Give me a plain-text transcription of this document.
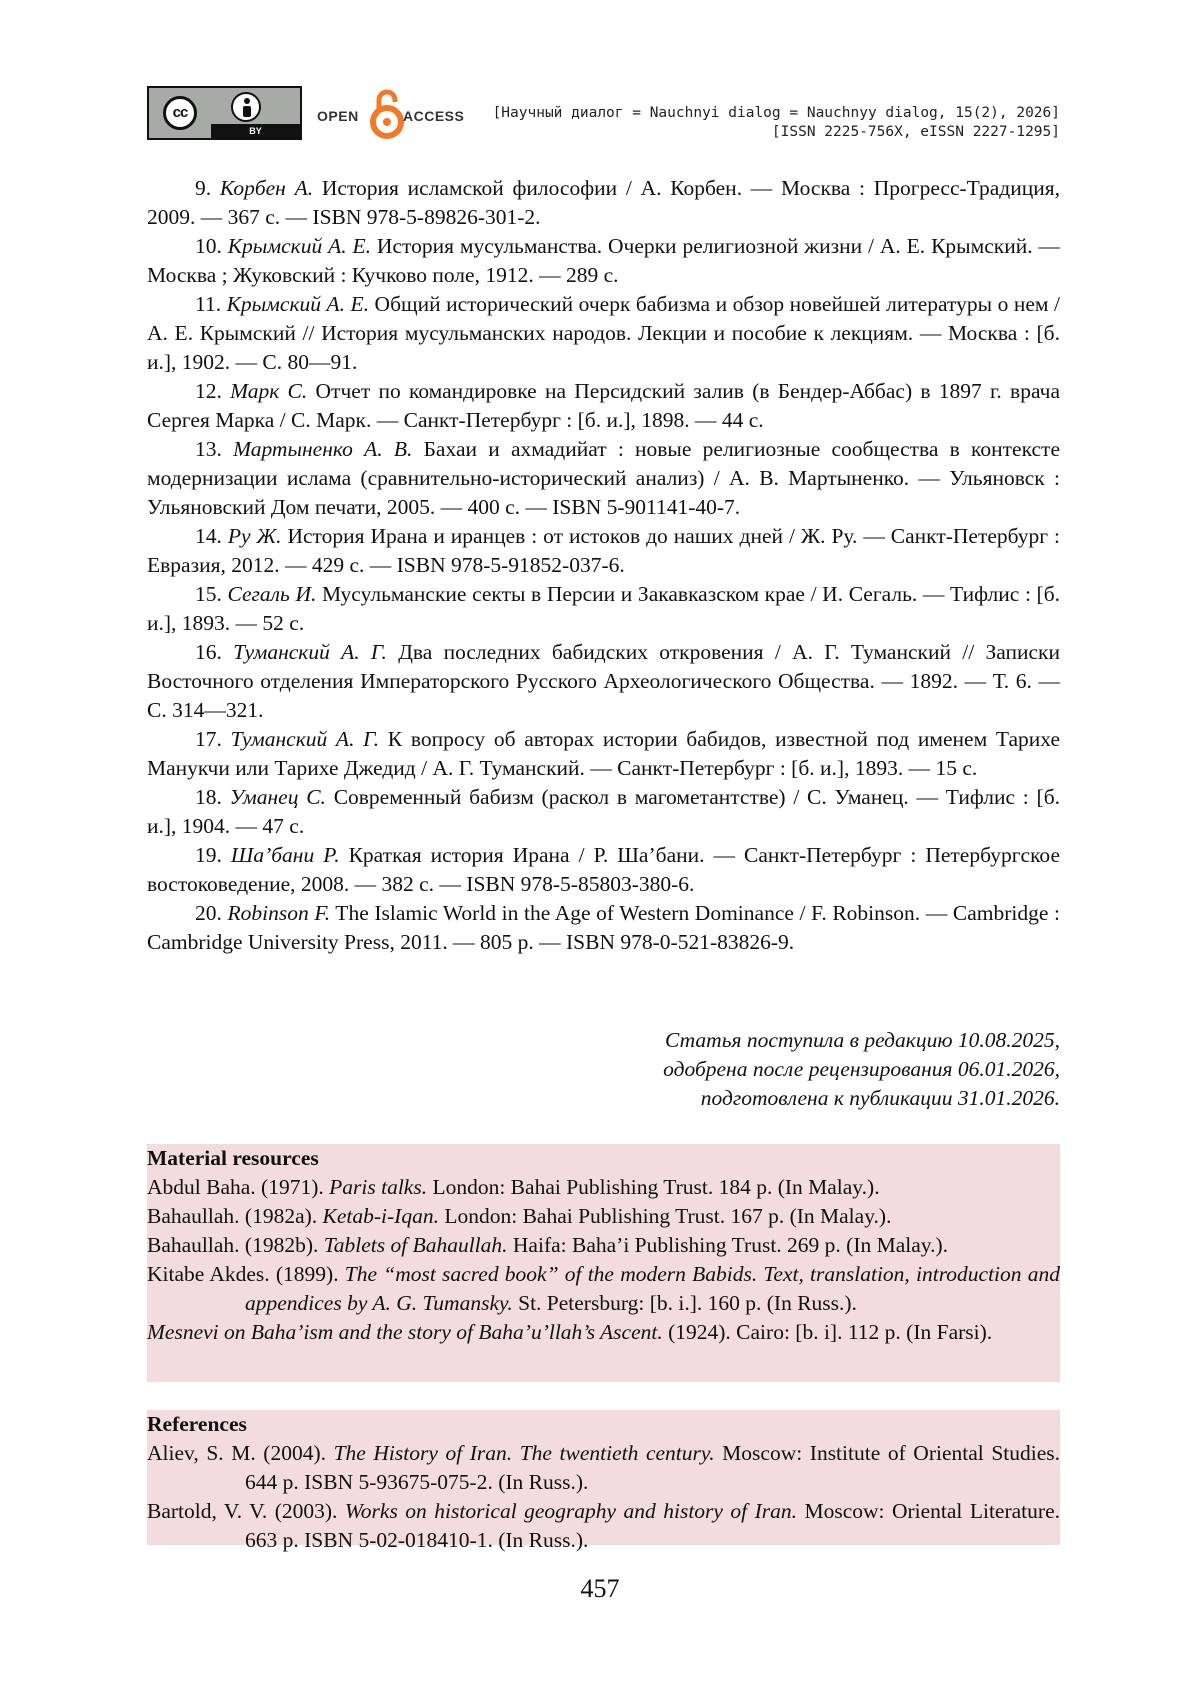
cc
BY
OPEN	ACCESS [Научный диалог = Nauchnyi dialog = Nauchnyy dialog, 15(2), 2026]
[ISSN 2225-756X, eISSN 2227-1295]

9. Корбен А. История исламской философии / А. Корбен. — Москва : Прогресс-Традиция, 2009. — 367 с. — ISBN 978-5-89826-301-2.

10. Крымский А. Е. История мусульманства. Очерки религиозной жизни / А. Е. Крымский. — Москва ; Жуковский : Кучково поле, 1912. — 289 с.

11. Крымский А. Е. Общий исторический очерк бабизма и обзор новейшей литературы о нем / А. Е. Крымский // История мусульманских народов. Лекции и пособие к лекциям. — Москва : [б. и.], 1902. — С. 80—91.

12. Марк С. Отчет по командировке на Персидский залив (в Бендер-Аббас) в 1897 г. врача Сергея Марка / С. Марк. — Санкт-Петербург : [б. и.], 1898. — 44 с.

13. Мартыненко А. В. Бахаи и ахмадийат : новые религиозные сообщества в контексте модернизации ислама (сравнительно-исторический анализ) / А. В. Мартыненко. — Ульяновск : Ульяновский Дом печати, 2005. — 400 с. — ISBN 5-901141-40-7.

14. Ру Ж. История Ирана и иранцев : от истоков до наших дней / Ж. Ру. — Санкт-Петербург : Евразия, 2012. — 429 с. — ISBN 978-5-91852-037-6.

15. Сегаль И. Мусульманские секты в Персии и Закавказском крае / И. Сегаль. — Тифлис : [б. и.], 1893. — 52 с.

16. Туманский А. Г. Два последних бабидских откровения / А. Г. Туманский // Записки Восточного отделения Императорского Русского Археологического Общества. — 1892. — Т. 6. — С. 314—321.

17. Туманский А. Г. К вопросу об авторах истории бабидов, известной под именем Тарихе Манукчи или Тарихе Джедид / А. Г. Туманский. — Санкт-Петербург : [б. и.], 1893. — 15 с.

18. Уманец С. Современный бабизм (раскол в магометантстве) / С. Уманец. — Тифлис : [б. и.], 1904. — 47 с.

19. Ша’бани Р. Краткая история Ирана / Р. Ша’бани. — Санкт-Петербург : Петербургское востоковедение, 2008. — 382 с. — ISBN 978-5-85803-380-6.

20. Robinson F. The Islamic World in the Age of Western Dominance / F. Robinson. — Cambridge : Cambridge University Press, 2011. — 805 p. — ISBN 978-0-521-83826-9.

Статья поступила в редакцию 10.08.2025,
одобрена после рецензирования 06.01.2026,
подготовлена к публикации 31.01.2026.
Material resources

Abdul Baha. (1971). Paris talks. London: Bahai Publishing Trust. 184 p. (In Malay.).

Bahaullah. (1982a). Ketab-i-Iqan. London: Bahai Publishing Trust. 167 p. (In Malay.).

Bahaullah. (1982b). Tablets of Bahaullah. Haifa: Baha’i Publishing Trust. 269 p. (In Malay.).

Kitabe Akdes. (1899). The “most sacred book” of the modern Babids. Text, translation, introduction and appendices by A. G. Tumansky. St. Petersburg: [b. i.]. 160 p. (In Russ.).

Mesnevi on Baha’ism and the story of Baha’u’llah’s Ascent. (1924). Cairo: [b. i]. 112 p. (In Farsi).

References

Aliev, S. M. (2004). The History of Iran. The twentieth century. Moscow: Institute of Oriental Studies. 644 p. ISBN 5-93675-075-2. (In Russ.).

Bartold, V. V. (2003). Works on historical geography and history of Iran. Moscow: Oriental Literature. 663 p. ISBN 5-02-018410-1. (In Russ.).

457
